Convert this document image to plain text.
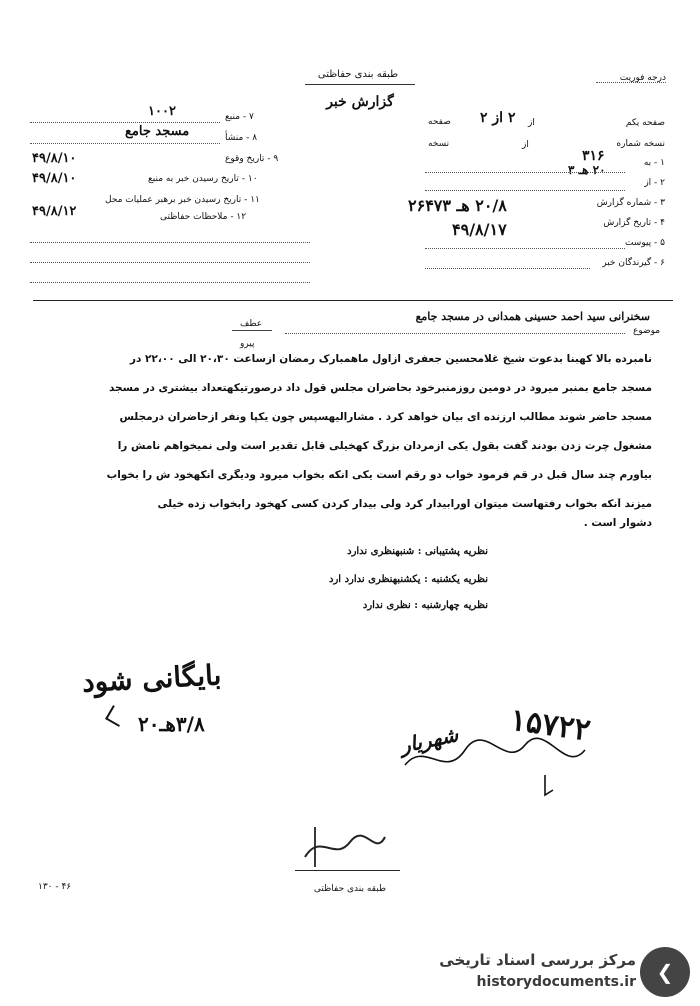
طبقه بندی حفاظتی
گزارش خبر
درجه فوریت
صفحه یکم
صفحه ۲ از ۲ از
نسخه شماره
نسخه	از
۳۱۶	۱ - به
۲۰ هـ ۳
۲ - از
۳ - شماره گزارش
۲۰/۸ هـ ۲۶۴۷۳
۴ - تاریخ گزارش
۴۹/۸/۱۷
۵ - پیوست
۶ - گیرندگان خبر
۷ - منبع
۱۰۰۲
۸ - منشأ
مسجد جامع
۹ - تاریخ وقوع
۴۹/۸/۱۰
۱۰ - تاریخ رسیدن خبر به منبع
۴۹/۸/۱۰
۱۱ - تاریخ رسیدن خبر برهبر عملیات محل
۱۲ - ملاحظات حفاظتی
۴۹/۸/۱۲
عطف
پیرو
سخنرانی سید احمد حسینی همدانی در مسجد جامع
موضوع
نامبرده بالا کهبنا بدعوت شیخ غلامحسین جعفری ازاول ماهمبارک رمضان ازساعت ۲۰،۳۰ الی ۲۲،۰۰ در
مسجد جامع بمنبر میرود در دومین روزمنبرخود بحاضران مجلس قول داد درصورتیکهتعداد بیشتری در مسجد
مسجد حاضر شوند مطالب ارزنده ای بیان خواهد کرد . مشارالیهسپس چون یکپا ونفر ازحاضران درمجلس
مشغول چرت زدن بودند گفت بقول یکی ازمردان بزرگ کهخیلی قابل تقدیر است ولی نمیخواهم نامش را
بیاورم چند سال قبل در قم فرمود خواب دو رقم است یکی انکه بخواب میرود ودیگری آنکهخود ش را بخواب
میزند آنکه بخواب رفتهاست میتوان اورابیدار کرد ولی بیدار کردن کسی کهخود رابخواب زده خیلی
دشوار است .
نظریه پشتیبانی : شنبهنظری ندارد
نظریه یکشنبه : یکشنبهنظری ندارد ارد
نظریه چهارشنبه : نظری ندارد
بایگانی شود
۳/۸هـ۲۰	۱۵۷۲۲
شهریار
طبقه بندی حفاظتی
۱۳۰ - ۴۶
مرکز بررسی اسناد تاریخی
historydocuments.ir	❮
